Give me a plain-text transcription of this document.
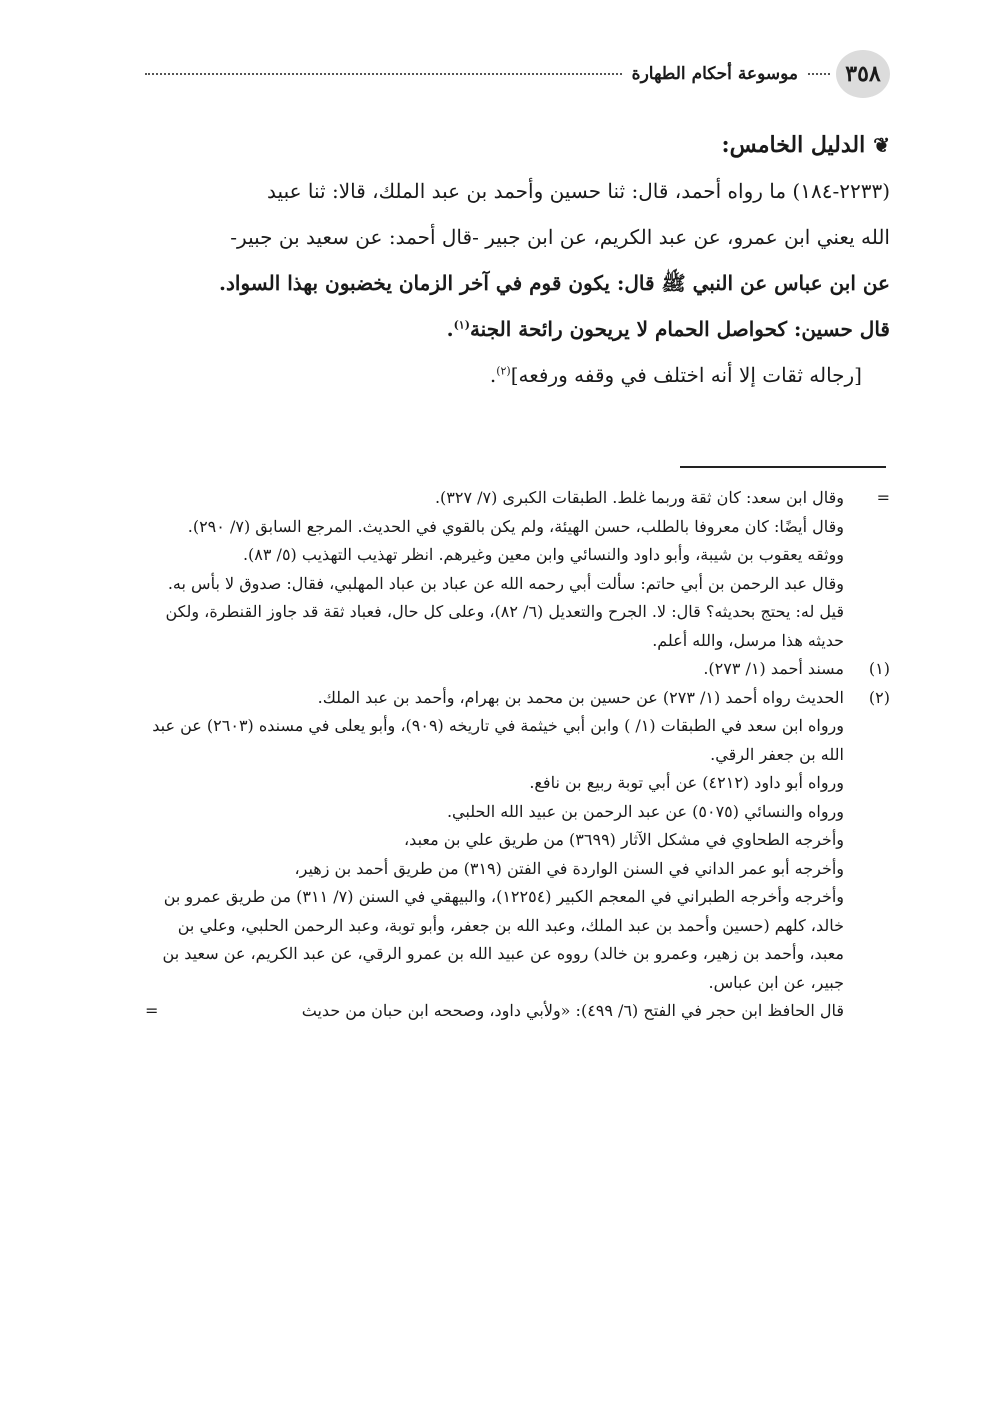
٣٥٨
موسوعة أحكام الطهارة

❦الدليل الخامس:

(٢٢٣٣-١٨٤) ما رواه أحمد، قال: ثنا حسين وأحمد بن عبد الملك، قالا: ثنا عبيد

الله يعني ابن عمرو، عن عبد الكريم، عن ابن جبير -قال أحمد: عن سعيد بن جبير-

عن ابن عباس عن النبي ﷺ قال: يكون قوم في آخر الزمان يخضبون بهذا السواد.

قال حسين: كحواصل الحمام لا يريحون رائحة الجنة$^{(١)}$.

[رجاله ثقات إلا أنه اختلف في وقفه ورفعه]$^{(٢)}$.

=

وقال ابن سعد: كان ثقة وربما غلط. الطبقات الكبرى (٧/ ٣٢٧).

وقال أيضًا: كان معروفا بالطلب، حسن الهيئة، ولم يكن بالقوي في الحديث. المرجع السابق (٧/ ٢٩٠).

ووثقه يعقوب بن شيبة، وأبو داود والنسائي وابن معين وغيرهم. انظر تهذيب التهذيب (٥/ ٨٣).

وقال عبد الرحمن بن أبي حاتم: سألت أبي رحمه الله عن عباد بن عباد المهلبي، فقال: صدوق لا بأس به. قيل له: يحتج بحديثه؟ قال: لا. الجرح والتعديل (٦/ ٨٢)، وعلى كل حال، فعباد ثقة قد جاوز القنطرة، ولكن حديثه هذا مرسل، والله أعلم.

(١)

مسند أحمد (١/ ٢٧٣).

(٢)

الحديث رواه أحمد (١/ ٢٧٣) عن حسين بن محمد بن بهرام، وأحمد بن عبد الملك.

ورواه ابن سعد في الطبقات (١/ ) وابن أبي خيثمة في تاريخه (٩٠٩)، وأبو يعلى في مسنده (٢٦٠٣) عن عبد الله بن جعفر الرقي.

ورواه أبو داود (٤٢١٢) عن أبي توبة ربيع بن نافع.

ورواه والنسائي (٥٠٧٥) عن عبد الرحمن بن عبيد الله الحلبي.

وأخرجه الطحاوي في مشكل الآثار (٣٦٩٩) من طريق علي بن معبد،

وأخرجه أبو عمر الداني في السنن الواردة في الفتن (٣١٩) من طريق أحمد بن زهير،

وأخرجه وأخرجه الطبراني في المعجم الكبير (١٢٢٥٤)، والبيهقي في السنن (٧/ ٣١١) من طريق عمرو بن خالد، كلهم (حسين وأحمد بن عبد الملك، وعبد الله بن جعفر، وأبو توبة، وعبد الرحمن الحلبي، وعلي بن معبد، وأحمد بن زهير، وعمرو بن خالد) رووه عن عبيد الله بن عمرو الرقي، عن عبد الكريم، عن سعيد بن جبير، عن ابن عباس.

قال الحافظ ابن حجر في الفتح (٦/ ٤٩٩): «ولأبي داود، وصححه ابن حبان من حديث
=
